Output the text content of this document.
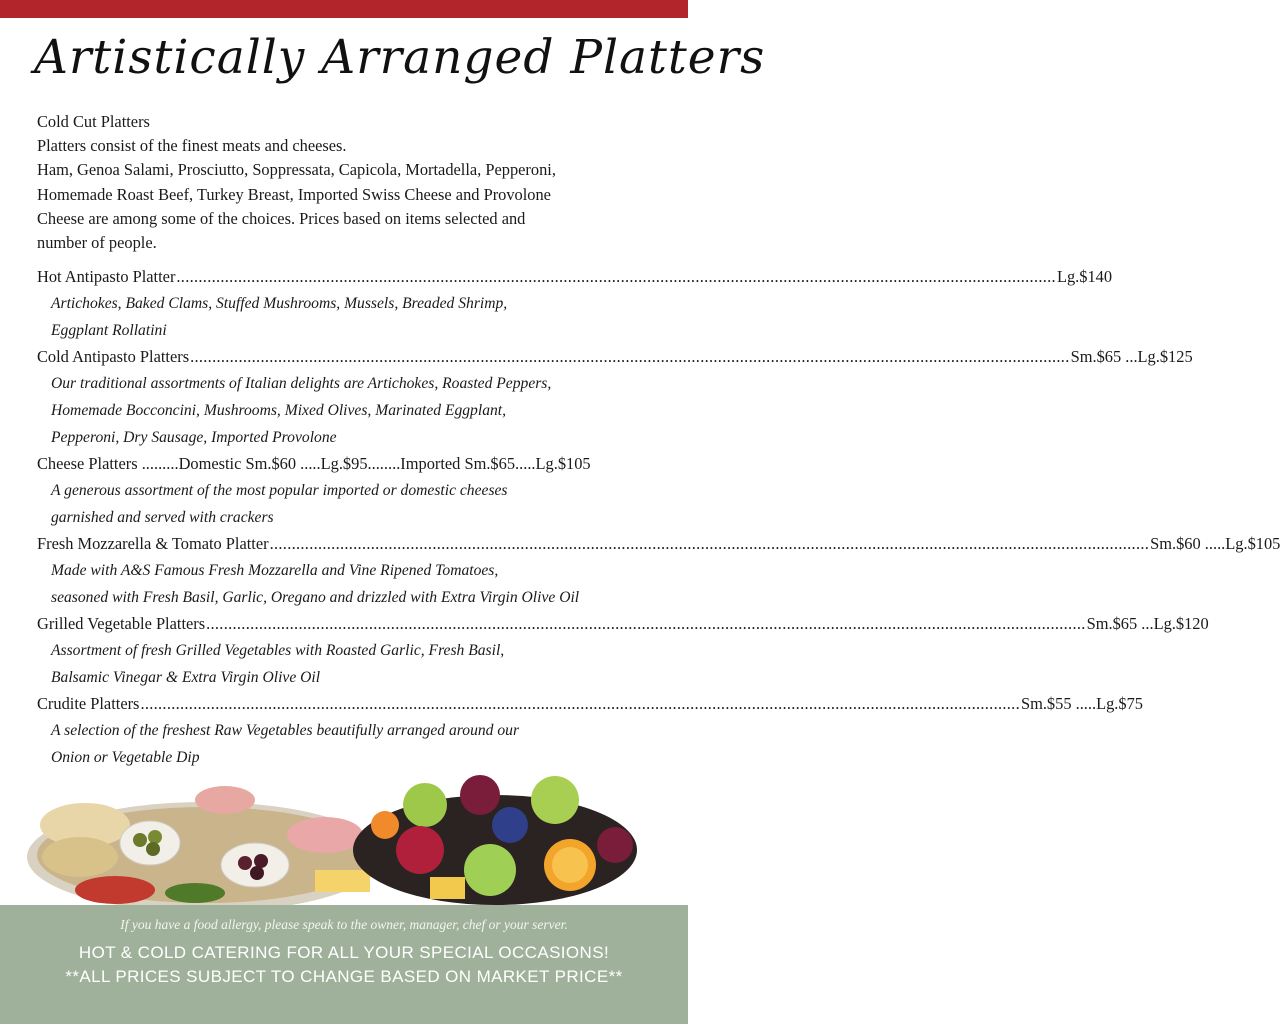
Artistically Arranged Platters
Cold Cut Platters
Platters consist of the finest meats and cheeses.
Ham, Genoa Salami, Prosciutto, Soppressata, Capicola, Mortadella, Pepperoni,
Homemade Roast Beef, Turkey Breast, Imported Swiss Cheese and Provolone
Cheese are among some of the choices. Prices based on items selected and
number of people.
Hot Antipasto Platter .....	Lg.$140
Artichokes, Baked Clams, Stuffed Mushrooms, Mussels, Breaded Shrimp,
Eggplant Rollatini
Cold Antipasto Platters .....	Sm.$65 ...Lg.$125
Our traditional assortments of Italian delights are Artichokes, Roasted Peppers,
Homemade Bocconcini, Mushrooms, Mixed Olives, Marinated Eggplant,
Pepperoni, Dry Sausage, Imported Provolone
Cheese Platters .........Domestic Sm.$60 .....Lg.$95........Imported Sm.$65 .....Lg.$105
A generous assortment of the most popular imported or domestic cheeses
garnished and served with crackers
Fresh Mozzarella & Tomato Platter .....	Sm.$60 .....Lg.$105
Made with A&S Famous Fresh Mozzarella and Vine Ripened Tomatoes,
seasoned with Fresh Basil, Garlic, Oregano and drizzled with Extra Virgin Olive Oil
Grilled Vegetable Platters .....	Sm.$65 ...Lg.$120
Assortment of fresh Grilled Vegetables with Roasted Garlic, Fresh Basil,
Balsamic Vinegar & Extra Virgin Olive Oil
Crudite Platters .....	Sm.$55 .....Lg.$75
A selection of the freshest Raw Vegetables beautifully arranged around our
Onion or Vegetable Dip
If you have a food allergy, please speak to the owner, manager, chef or your server.
HOT & COLD CATERING FOR ALL YOUR SPECIAL OCCASIONS!
**ALL PRICES SUBJECT TO CHANGE BASED ON MARKET PRICE**
